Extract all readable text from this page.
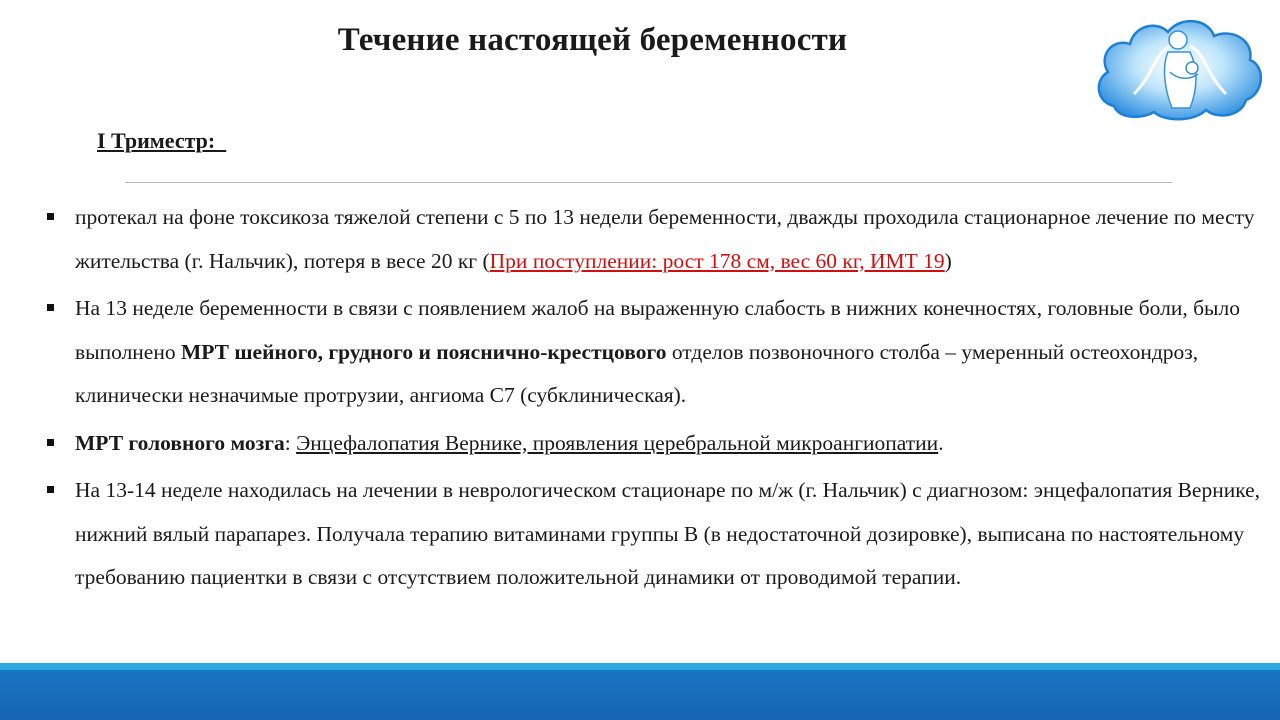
Течение настоящей беременности
I Триместр:
протекал на фоне токсикоза тяжелой степени с 5 по 13 недели беременности, дважды проходила стационарное лечение по месту жительства (г. Нальчик), потеря в весе 20 кг (При поступлении: рост 178 см, вес 60 кг, ИМТ 19)
На 13 неделе беременности в связи с появлением жалоб на выраженную слабость в нижних конечностях, головные боли, было выполнено МРТ шейного, грудного и пояснично-крестцового отделов позвоночного столба – умеренный остеохондроз, клинически незначимые протрузии, ангиома С7 (субклиническая).
МРТ головного мозга: Энцефалопатия Вернике, проявления церебральной микроангиопатии.
На 13-14 неделе находилась на лечении в неврологическом стационаре по м/ж (г. Нальчик) с диагнозом: энцефалопатия Вернике, нижний вялый парапарез. Получала терапию витаминами группы В (в недостаточной дозировке), выписана по настоятельному требованию пациентки в связи с отсутствием положительной динамики от проводимой терапии.
